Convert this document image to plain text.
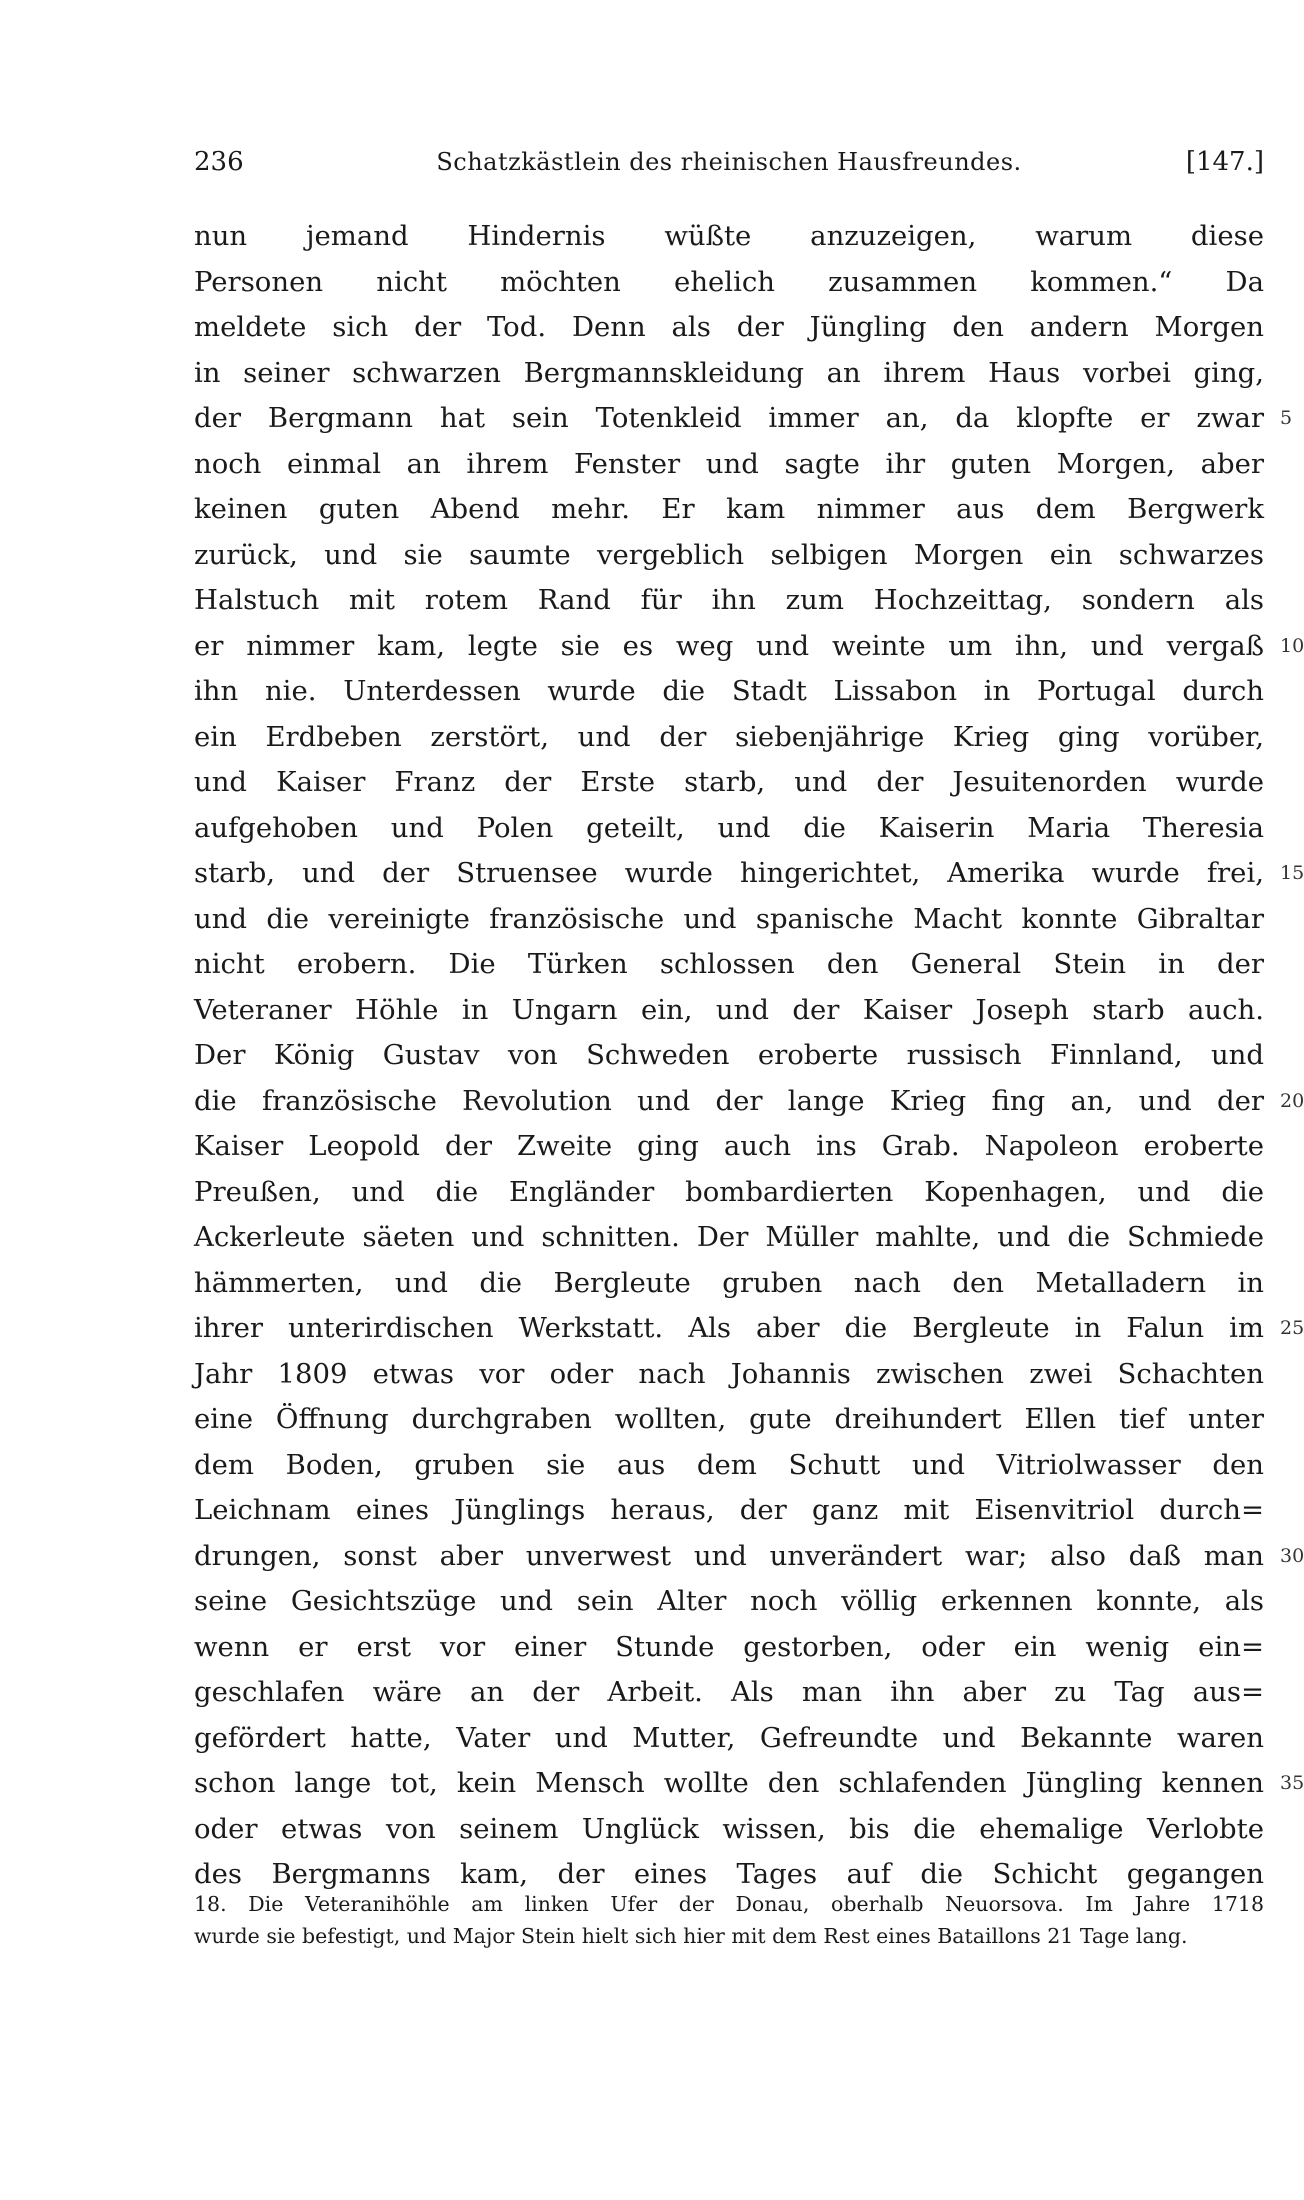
236	Schatzkästlein des rheinischen Hausfreundes.	[147.]
nun jemand Hindernis wüßte anzuzeigen, warum diese
Personen nicht möchten ehelich zusammen kommen.“ Da
meldete sich der Tod. Denn als der Jüngling den andern Morgen
in seiner schwarzen Bergmannskleidung an ihrem Haus vorbei ging,
der Bergmann hat sein Totenkleid immer an, da klopfte er zwar 5
noch einmal an ihrem Fenster und sagte ihr guten Morgen, aber
keinen guten Abend mehr. Er kam nimmer aus dem Bergwerk
zurück, und sie saumte vergeblich selbigen Morgen ein schwarzes
Halstuch mit rotem Rand für ihn zum Hochzeittag, sondern als
er nimmer kam, legte sie es weg und weinte um ihn, und vergaß 10
ihn nie. Unterdessen wurde die Stadt Lissabon in Portugal durch
ein Erdbeben zerstört, und der siebenjährige Krieg ging vorüber,
und Kaiser Franz der Erste starb, und der Jesuitenorden wurde
aufgehoben und Polen geteilt, und die Kaiserin Maria Theresia
starb, und der Struensee wurde hingerichtet, Amerika wurde frei, 15
und die vereinigte französische und spanische Macht konnte Gibraltar
nicht erobern. Die Türken schlossen den General Stein in der
Veteraner Höhle in Ungarn ein, und der Kaiser Joseph starb auch.
Der König Gustav von Schweden eroberte russisch Finnland, und
die französische Revolution und der lange Krieg fing an, und der 20
Kaiser Leopold der Zweite ging auch ins Grab. Napoleon eroberte
Preußen, und die Engländer bombardierten Kopenhagen, und die
Ackerleute säeten und schnitten. Der Müller mahlte, und die Schmiede
hämmerten, und die Bergleute gruben nach den Metalladern in
ihrer unterirdischen Werkstatt. Als aber die Bergleute in Falun im 25
Jahr 1809 etwas vor oder nach Johannis zwischen zwei Schachten
eine Öffnung durchgraben wollten, gute dreihundert Ellen tief unter
dem Boden, gruben sie aus dem Schutt und Vitriolwasser den
Leichnam eines Jünglings heraus, der ganz mit Eisenvitriol durch=
drungen, sonst aber unverwest und unverändert war; also daß man 30
seine Gesichtszüge und sein Alter noch völlig erkennen konnte, als
wenn er erst vor einer Stunde gestorben, oder ein wenig ein=
geschlafen wäre an der Arbeit. Als man ihn aber zu Tag aus=
gefördert hatte, Vater und Mutter, Gefreundte und Bekannte waren
schon lange tot, kein Mensch wollte den schlafenden Jüngling kennen 35
oder etwas von seinem Unglück wissen, bis die ehemalige Verlobte
des Bergmanns kam, der eines Tages auf die Schicht gegangen
18. Die Veteranihöhle am linken Ufer der Donau, oberhalb Neuorsova. Im Jahre 1718
wurde sie befestigt, und Major Stein hielt sich hier mit dem Rest eines Bataillons 21 Tage lang.
